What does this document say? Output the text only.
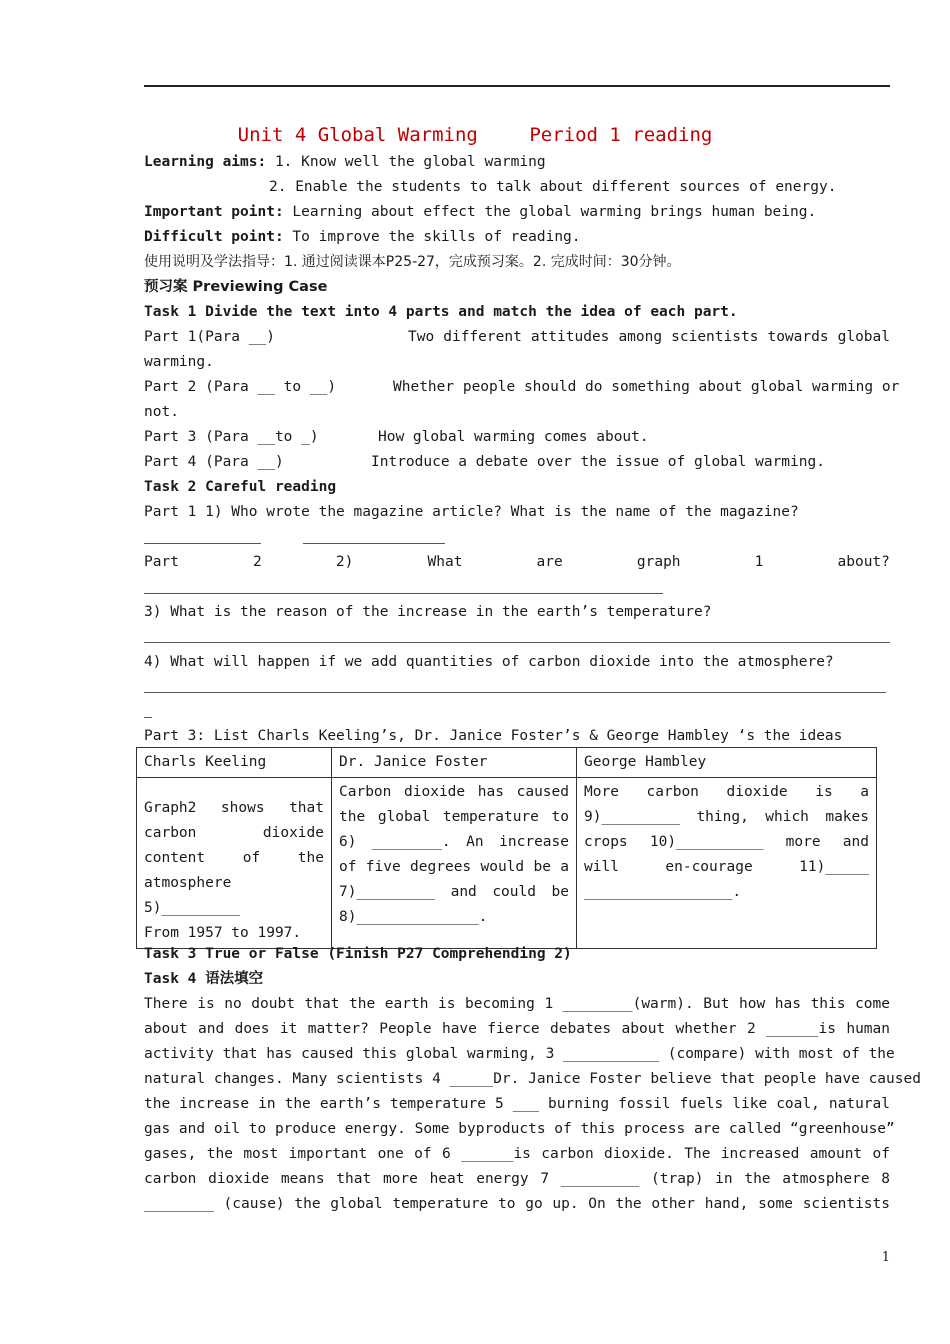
Unit 4 Global Warming	Period 1 reading
Learning aims: 1. Know well the global warming
2. Enable the students to talk about different sources of energy.
Important point: Learning about effect the global warming brings human being.
Difficult point: To improve the skills of reading.
使用说明及学法指导：1. 通过阅读课本P25-27，完成预习案。2. 完成时间：30分钟。
预习案 Previewing Case
Task 1 Divide the text into 4 parts and match the idea of each part.
Part 1(Para __)	Two different attitudes among scientists towards global
warming.
Part 2 (Para __ to __)	Whether people should do something about global warming or
not.
Part 3 (Para __to _)	How global warming comes about.
Part 4 (Para __)	Introduce a debate over the issue of global warming.
Task 2 Careful reading
Part 1 1) Who wrote the magazine article? What is the name of the magazine?
Part	2	2)	What	are	graph	1	about?
3) What is the reason of the increase in the earth’s temperature?
4) What will happen if we add quantities of carbon dioxide into the atmosphere?
Part 3: List Charls Keeling’s, Dr. Janice Foster’s & George Hambley ‘s the ideas
Charls Keeling	Dr. Janice Foster	George Hambley

Graph2 shows that carbon dioxide content of the atmosphere
5)_________
From 1957 to 1997.	Carbon dioxide has caused the global temperature to 6) ________. An increase of five degrees would be a 7)_________ and could be 8)______________.	More carbon dioxide is a 9)_________ thing, which makes crops 10)__________ more and will en-courage 11)_____ _________________.
Task 3 True or False (Finish P27 Comprehending 2)
Task 4 语法填空
There is no doubt that the earth is becoming 1 ________(warm). But how has this come
about and does it matter? People have fierce debates about whether 2 ______is human
activity that has caused this global warming, 3 ___________ (compare) with most of the
natural changes. Many scientists 4 _____Dr. Janice Foster believe that people have caused
the increase in the earth’s temperature 5 ___ burning fossil fuels like coal, natural
gas and oil to produce energy. Some byproducts of this process are called “greenhouse”
gases, the most important one of 6 ______is carbon dioxide. The increased amount of
carbon dioxide means that more heat energy 7 _________ (trap) in the atmosphere 8
________ (cause) the global temperature to go up. On the other hand, some scientists
1
